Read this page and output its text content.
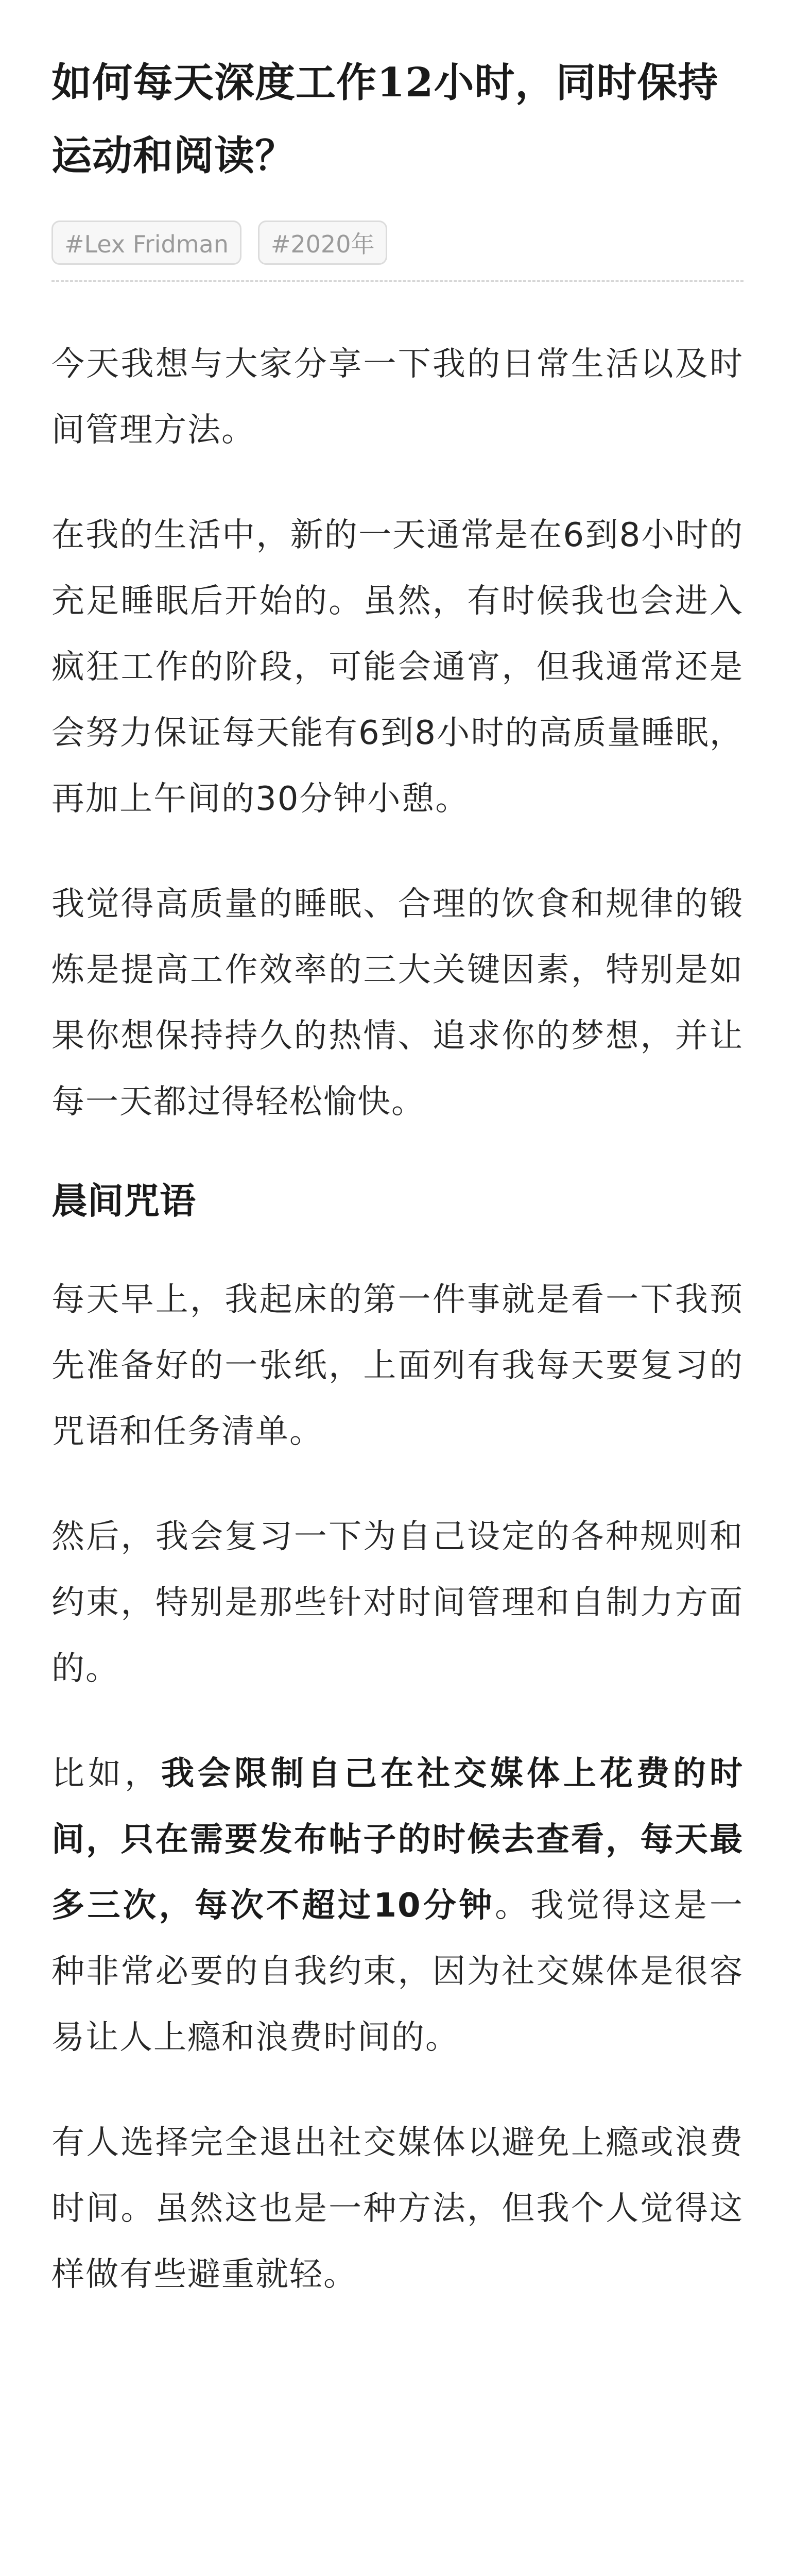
如何每天深度工作12小时，同时保持运动和阅读？
#Lex Fridman	#2020年

今天我想与大家分享一下我的日常生活以及时间管理方法。

在我的生活中，新的一天通常是在6到8小时的充足睡眠后开始的。虽然，有时候我也会进入疯狂工作的阶段，可能会通宵，但我通常还是会努力保证每天能有6到8小时的高质量睡眠，再加上午间的30分钟小憩。

我觉得高质量的睡眠、合理的饮食和规律的锻炼是提高工作效率的三大关键因素，特别是如果你想保持持久的热情、追求你的梦想，并让每一天都过得轻松愉快。

晨间咒语

每天早上，我起床的第一件事就是看一下我预先准备好的一张纸，上面列有我每天要复习的咒语和任务清单。

然后，我会复习一下为自己设定的各种规则和约束，特别是那些针对时间管理和自制力方面的。

比如，我会限制自己在社交媒体上花费的时间，只在需要发布帖子的时候去查看，每天最多三次，每次不超过10分钟。我觉得这是一种非常必要的自我约束，因为社交媒体是很容易让人上瘾和浪费时间的。

有人选择完全退出社交媒体以避免上瘾或浪费时间。虽然这也是一种方法，但我个人觉得这样做有些避重就轻。
